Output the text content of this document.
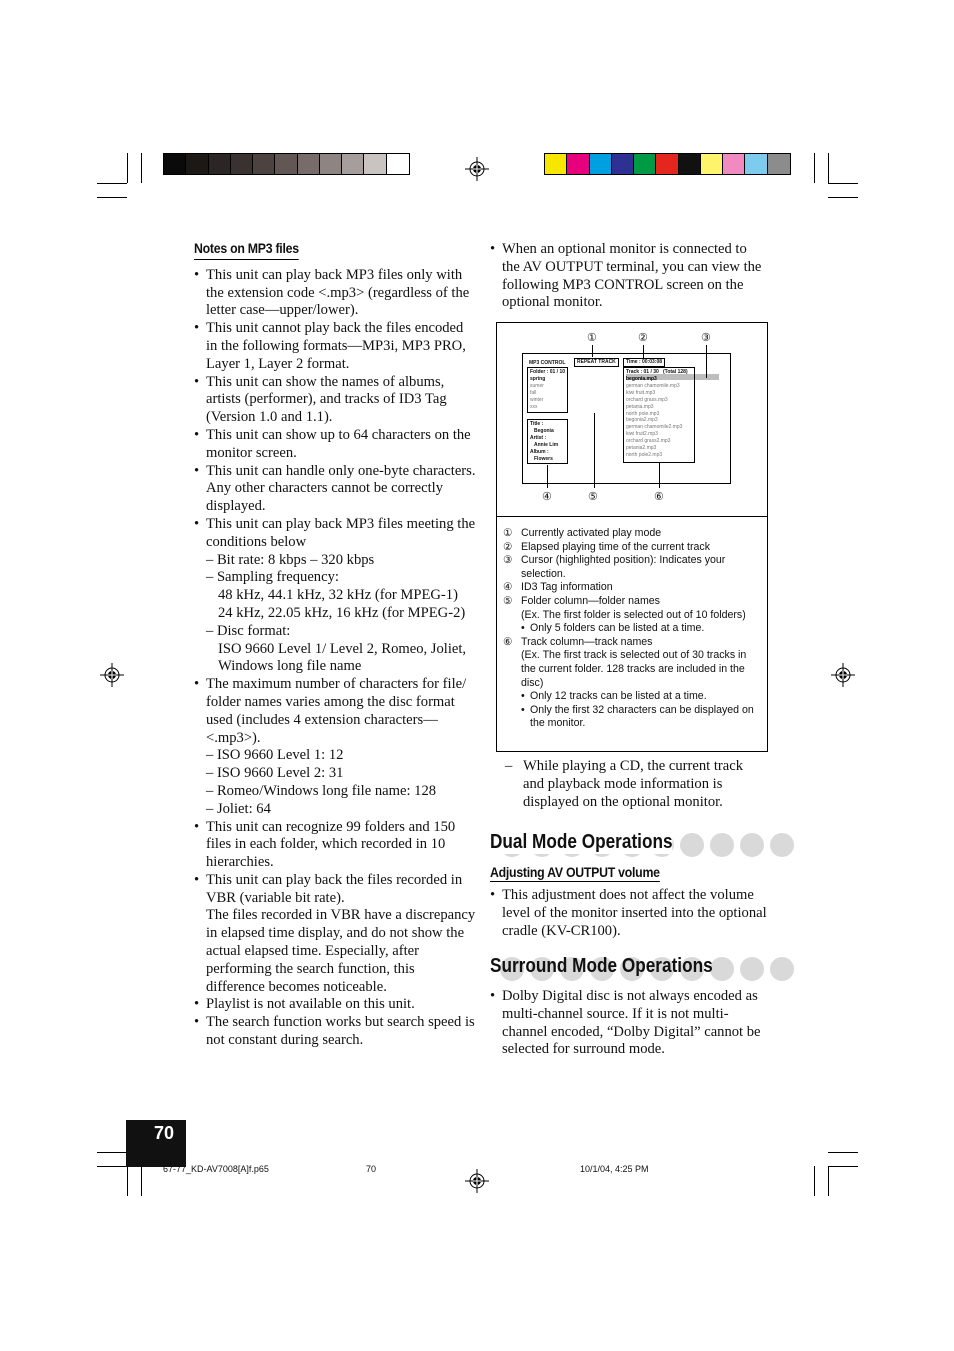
Notes on MP3 files
• This unit can play back MP3 files only with the extension code <.mp3> (regardless of the letter case—upper/lower).
• This unit cannot play back the files encoded in the following formats—MP3i, MP3 PRO, Layer 1, Layer 2 format.
• This unit can show the names of albums, artists (performer), and tracks of ID3 Tag (Version 1.0 and 1.1).
• This unit can show up to 64 characters on the monitor screen.
• This unit can handle only one-byte characters. Any other characters cannot be correctly displayed.
• This unit can play back MP3 files meeting the conditions below
– Bit rate: 8 kbps – 320 kbps
– Sampling frequency:
48 kHz, 44.1 kHz, 32 kHz (for MPEG-1)
24 kHz, 22.05 kHz, 16 kHz (for MPEG-2)
– Disc format:
ISO 9660 Level 1/ Level 2, Romeo, Joliet, Windows long file name
• The maximum number of characters for file/ folder names varies among the disc format used (includes 4 extension characters—<.mp3>).
– ISO 9660 Level 1: 12
– ISO 9660 Level 2: 31
– Romeo/Windows long file name: 128
– Joliet: 64
• This unit can recognize 99 folders and 150 files in each folder, which recorded in 10 hierarchies.
• This unit can play back the files recorded in VBR (variable bit rate).
The files recorded in VBR have a discrepancy in elapsed time display, and do not show the actual elapsed time. Especially, after performing the search function, this difference becomes noticeable.
• Playlist is not available on this unit.
• The search function works but search speed is not constant during search.
• When an optional monitor is connected to the AV OUTPUT terminal, you can view the following MP3 CONTROL screen on the optional monitor.
①	②	③
④	⑤	⑥
MP3 CONTROL	REPEAT TRACK	Time : 00:03:08
Folder : 01 / 10
spring
sumer
fall
winter
xxx
Title :
Begonia
Artist :
Annie Lim
Album :
Flowers
Track : 01 / 30 (Total 128)
begonia.mp3
german chamomile.mp3
kiwi fruit.mp3
orchard grass.mp3
petania.mp3
north pole.mp3
begonia2.mp3
german chamomile2.mp3
kiwi fruit2.mp3
orchard grass2.mp3
petania2.mp3
north pole2.mp3
① Currently activated play mode
② Elapsed playing time of the current track
③ Cursor (highlighted position): Indicates your selection.
④ ID3 Tag information
⑤ Folder column—folder names
(Ex. The first folder is selected out of 10 folders)
• Only 5 folders can be listed at a time.
⑥ Track column—track names
(Ex. The first track is selected out of 30 tracks in the current folder. 128 tracks are included in the disc)
• Only 12 tracks can be listed at a time.
• Only the first 32 characters can be displayed on the monitor.
– While playing a CD, the current track and playback mode information is displayed on the optional monitor.
Dual Mode Operations
Adjusting AV OUTPUT volume
• This adjustment does not affect the volume level of the monitor inserted into the optional cradle (KV-CR100).
Surround Mode Operations
• Dolby Digital disc is not always encoded as multi-channel source. If it is not multi-channel encoded, “Dolby Digital” cannot be selected for surround mode.
70
67-77_KD-AV7008[A]f.p65	70	10/1/04, 4:25 PM
